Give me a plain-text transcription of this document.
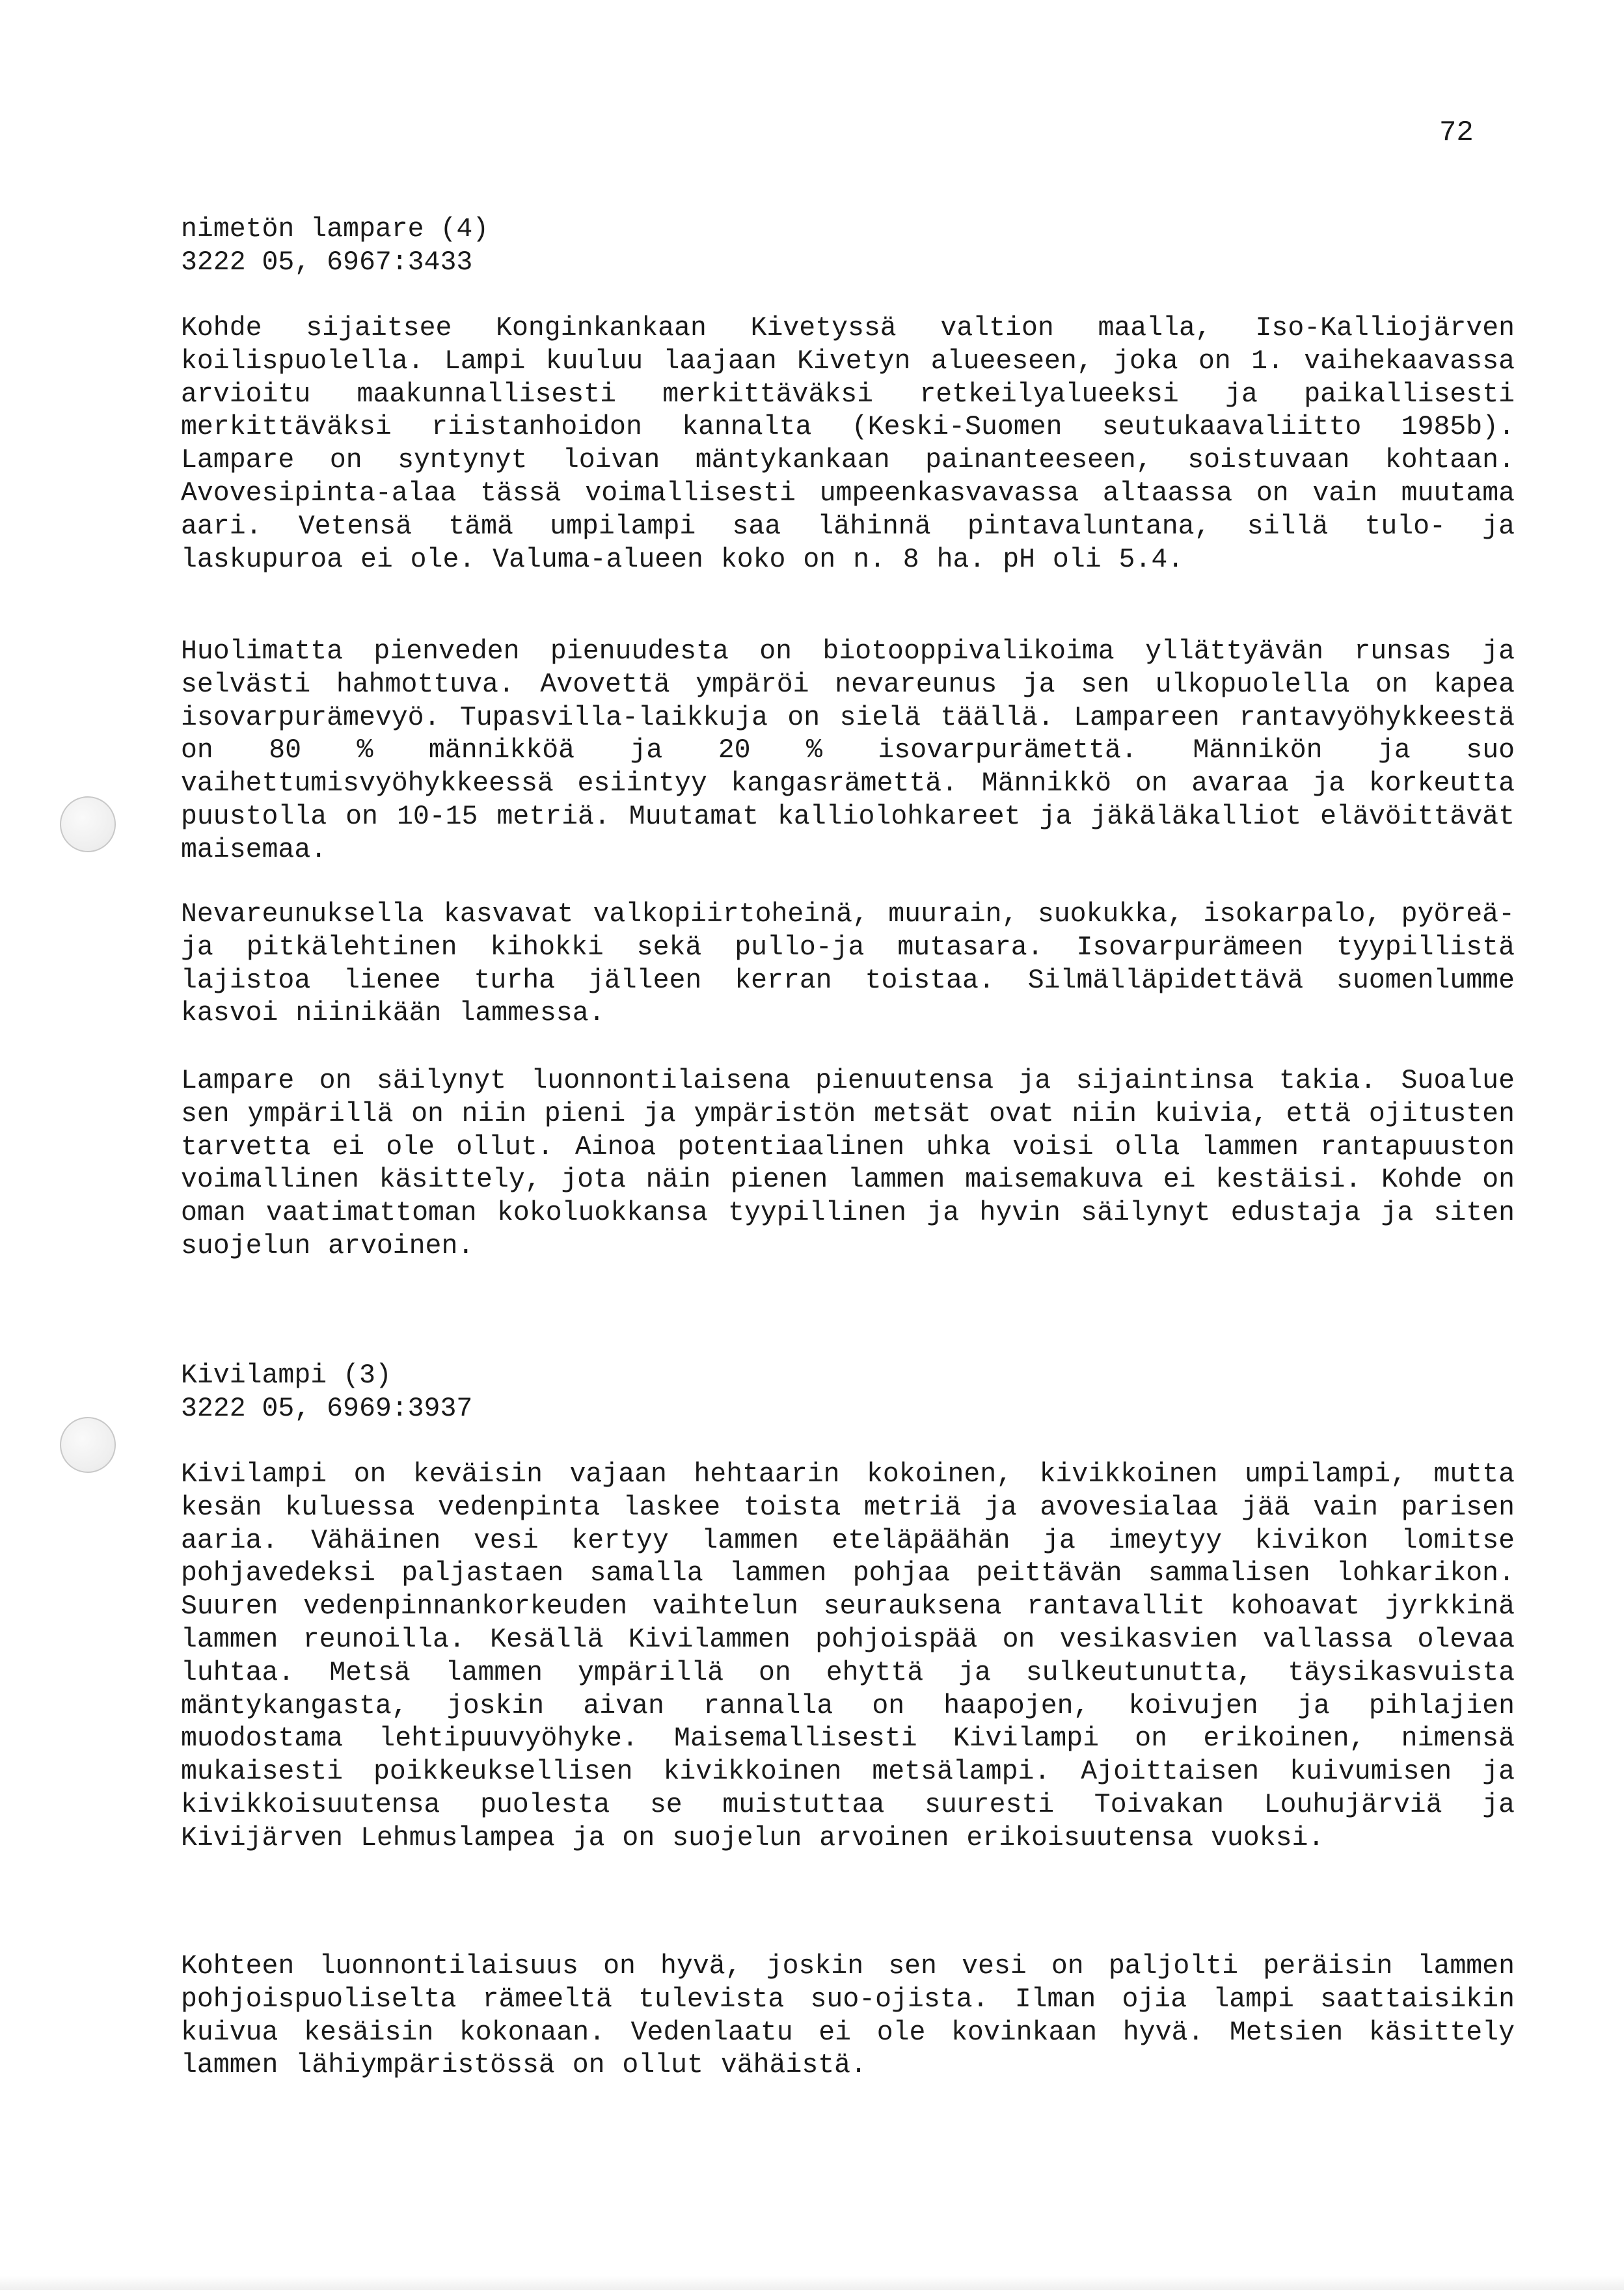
72
nimetön lampare (4)
3222 05, 6967:3433
Kohde sijaitsee Konginkankaan Kivetyssä valtion maalla, Iso-Kalliojärven koilispuolella. Lampi kuuluu laajaan Kivetyn alueeseen, joka on 1. vaihekaavassa arvioitu maakunnallisesti merkittäväksi retkeilyalueeksi ja paikallisesti merkittäväksi riistanhoidon kannalta (Keski-Suomen seutukaavaliitto 1985b). Lampare on syntynyt loivan mäntykankaan painanteeseen, soistuvaan kohtaan. Avovesipinta-alaa tässä voimallisesti umpeenkasvavassa altaassa on vain muutama aari. Vetensä tämä umpilampi saa lähinnä pintavaluntana, sillä tulo- ja laskupuroa ei ole. Valuma-alueen koko on n. 8 ha. pH oli 5.4.
Huolimatta pienveden pienuudesta on biotooppivalikoima yllättyävän runsas ja selvästi hahmottuva. Avovettä ympäröi nevareunus ja sen ulkopuolella on kapea isovarpurämevyö. Tupasvilla-laikkuja on sielä täällä. Lampareen rantavyöhykkeestä on 80 % männikköä ja 20 % isovarpurämettä. Männikön ja suo vaihettumisvyöhykkeessä esiintyy kangasrämettä. Männikkö on avaraa ja korkeutta puustolla on 10-15 metriä. Muutamat kalliolohkareet ja jäkäläkalliot elävöittävät maisemaa.
Nevareunuksella kasvavat valkopiirtoheinä, muurain, suokukka, isokarpalo, pyöreä- ja pitkälehtinen kihokki sekä pullo-ja mutasara. Isovarpurämeen tyypillistä lajistoa lienee turha jälleen kerran toistaa. Silmälläpidettävä suomenlumme kasvoi niinikään lammessa.
Lampare on säilynyt luonnontilaisena pienuutensa ja sijaintinsa takia. Suoalue sen ympärillä on niin pieni ja ympäristön metsät ovat niin kuivia, että ojitusten tarvetta ei ole ollut. Ainoa potentiaalinen uhka voisi olla lammen rantapuuston voimallinen käsittely, jota näin pienen lammen maisemakuva ei kestäisi. Kohde on oman vaatimattoman kokoluokkansa tyypillinen ja hyvin säilynyt edustaja ja siten suojelun arvoinen.
Kivilampi (3)
3222 05, 6969:3937
Kivilampi on keväisin vajaan hehtaarin kokoinen, kivikkoinen umpilampi, mutta kesän kuluessa vedenpinta laskee toista metriä ja avovesialaa jää vain parisen aaria. Vähäinen vesi kertyy lammen eteläpäähän ja imeytyy kivikon lomitse pohjavedeksi paljastaen samalla lammen pohjaa peittävän sammalisen lohkarikon. Suuren vedenpinnankorkeuden vaihtelun seurauksena rantavallit kohoavat jyrkkinä lammen reunoilla. Kesällä Kivilammen pohjoispää on vesikasvien vallassa olevaa luhtaa. Metsä lammen ympärillä on ehyttä ja sulkeutunutta, täysikasvuista mäntykangasta, joskin aivan rannalla on haapojen, koivujen ja pihlajien muodostama lehtipuuvyöhyke. Maisemallisesti Kivilampi on erikoinen, nimensä mukaisesti poikkeuksellisen kivikkoinen metsälampi. Ajoittaisen kuivumisen ja kivikkoisuutensa puolesta se muistuttaa suuresti Toivakan Louhujärviä ja Kivijärven Lehmuslampea ja on suojelun arvoinen erikoisuutensa vuoksi.
Kohteen luonnontilaisuus on hyvä, joskin sen vesi on paljolti peräisin lammen pohjoispuoliselta rämeeltä tulevista suo-ojista. Ilman ojia lampi saattaisikin kuivua kesäisin kokonaan. Vedenlaatu ei ole kovinkaan hyvä. Metsien käsittely lammen lähiympäristössä on ollut vähäistä.
